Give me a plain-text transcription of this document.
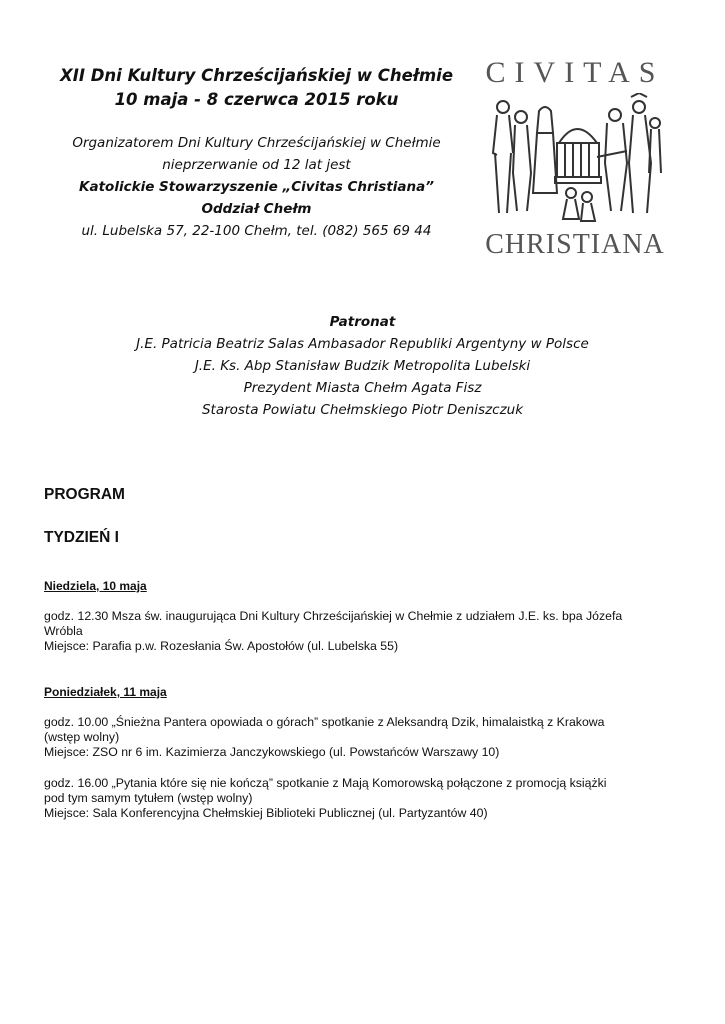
XII Dni Kultury Chrześcijańskiej w Chełmie
10 maja - 8 czerwca 2015 roku
Organizatorem Dni Kultury Chrześcijańskiej w Chełmie
nieprzerwanie od 12 lat jest
Katolickie Stowarzyszenie „Civitas Christiana”
Oddział Chełm
ul. Lubelska 57, 22-100 Chełm, tel. (082) 565 69 44
CIVITAS
CHRISTIANA
Patronat
J.E. Patricia Beatriz Salas Ambasador Republiki Argentyny w Polsce
J.E. Ks. Abp Stanisław Budzik Metropolita Lubelski
Prezydent Miasta Chełm Agata Fisz
Starosta Powiatu Chełmskiego Piotr Deniszczuk
PROGRAM
TYDZIEŃ I
Niedziela, 10 maja
godz. 12.30 Msza św. inaugurująca Dni Kultury Chrześcijańskiej w Chełmie z udziałem J.E. ks. bpa Józefa
Wróbla
Miejsce: Parafia p.w. Rozesłania Św. Apostołów (ul. Lubelska 55)
Poniedziałek, 11 maja
godz. 10.00 „Śnieżna Pantera opowiada o górach” spotkanie z Aleksandrą Dzik, himalaistką z Krakowa
(wstęp wolny)
Miejsce: ZSO nr 6 im. Kazimierza Janczykowskiego (ul. Powstańców Warszawy 10)
godz. 16.00 „Pytania które się nie kończą” spotkanie z Mają Komorowską połączone z promocją książki
pod tym samym tytułem (wstęp wolny)
Miejsce: Sala Konferencyjna Chełmskiej Biblioteki Publicznej (ul. Partyzantów 40)
